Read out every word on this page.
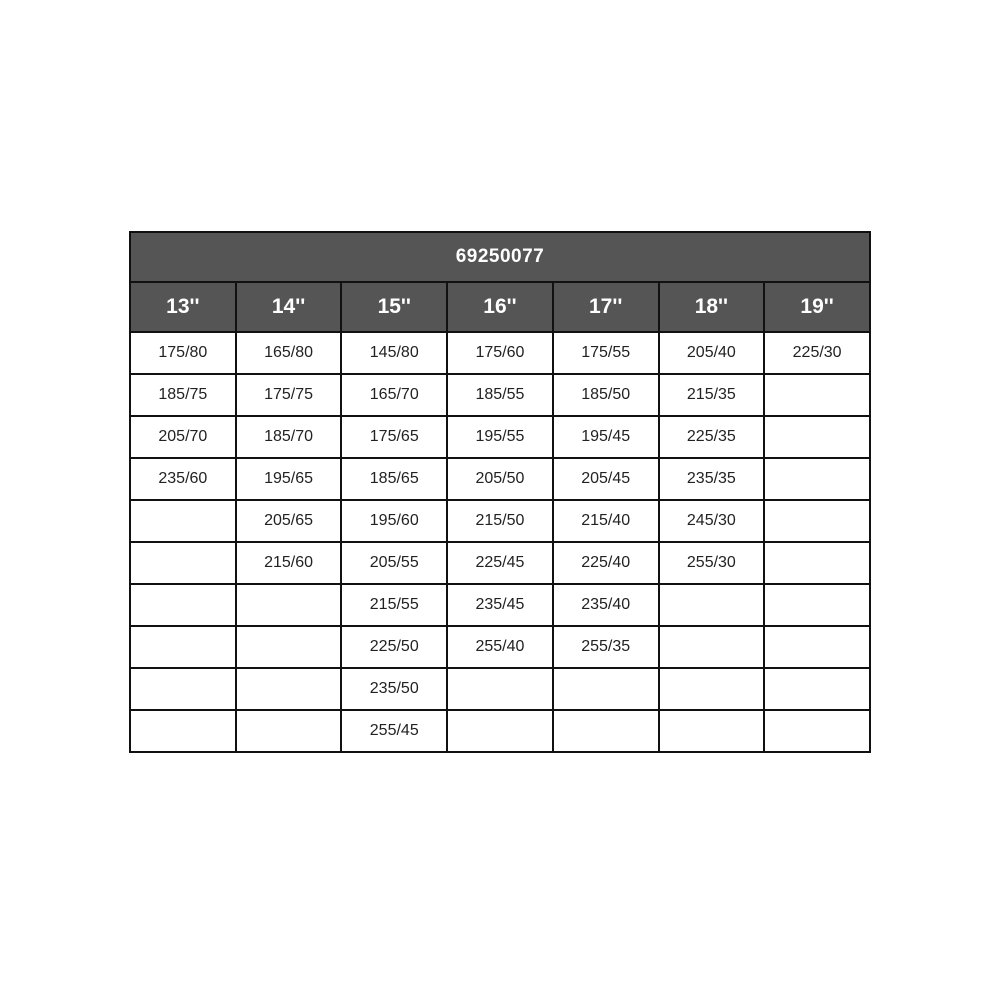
69250077						
13''	14''	15''	16''	17''	18''	19''
175/80	165/80	145/80	175/60	175/55	205/40	225/30
185/75	175/75	165/70	185/55	185/50	215/35	
205/70	185/70	175/65	195/55	195/45	225/35	
235/60	195/65	185/65	205/50	205/45	235/35	
	205/65	195/60	215/50	215/40	245/30	
	215/60	205/55	225/45	225/40	255/30	
		215/55	235/45	235/40		
		225/50	255/40	255/35		
		235/50				
		255/45				
